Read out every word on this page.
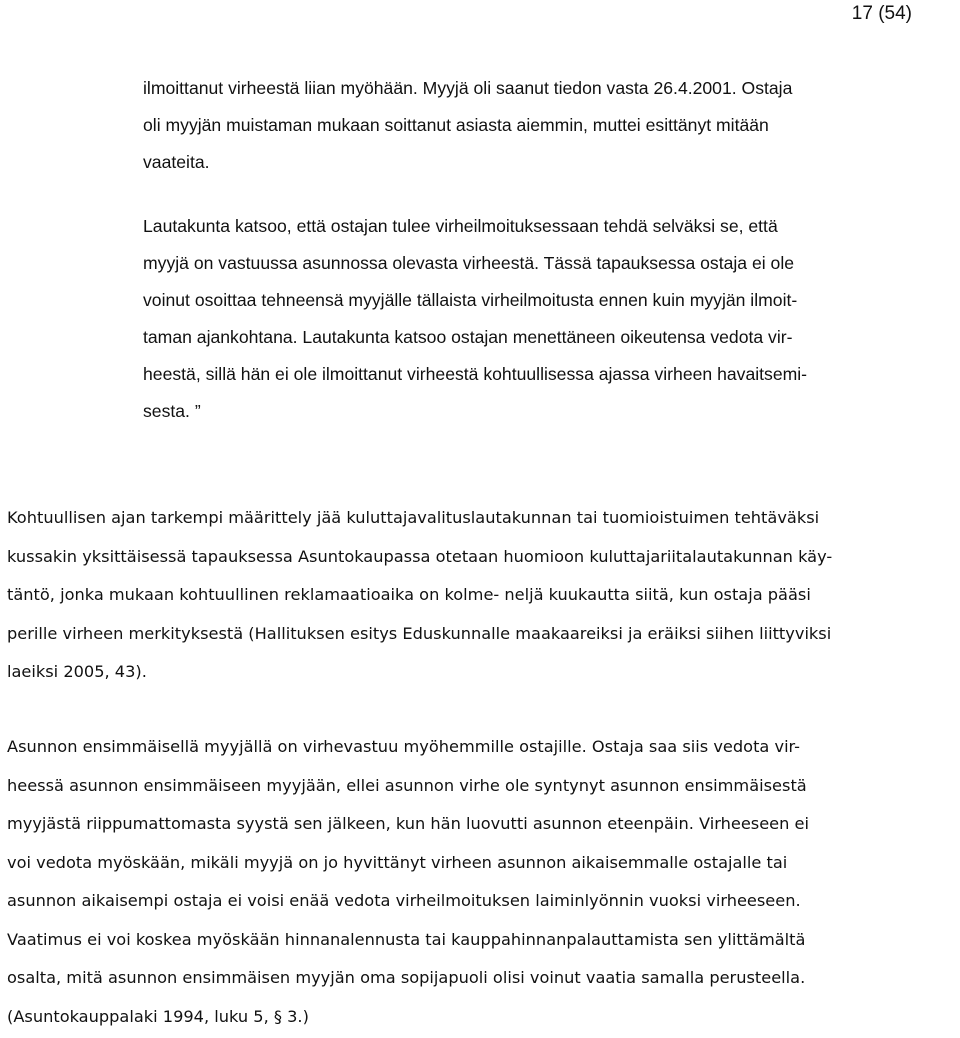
17 (54)

ilmoittanut virheestä liian myöhään. Myyjä oli saanut tiedon vasta 26.4.2001. Ostaja
oli myyjän muistaman mukaan soittanut asiasta aiemmin, muttei esittänyt mitään
vaateita.

Lautakunta katsoo, että ostajan tulee virheilmoituksessaan tehdä selväksi se, että
myyjä on vastuussa asunnossa olevasta virheestä. Tässä tapauksessa ostaja ei ole
voinut osoittaa tehneensä myyjälle tällaista virheilmoitusta ennen kuin myyjän ilmoit-
taman ajankohtana. Lautakunta katsoo ostajan menettäneen oikeutensa vedota vir-
heestä, sillä hän ei ole ilmoittanut virheestä kohtuullisessa ajassa virheen havaitsemi-
sesta. ”

Kohtuullisen ajan tarkempi määrittely jää kuluttajavalituslautakunnan tai tuomioistuimen tehtäväksi
kussakin yksittäisessä tapauksessa Asuntokaupassa otetaan huomioon kuluttajariitalautakunnan käy-
täntö, jonka mukaan kohtuullinen reklamaatioaika on kolme- neljä kuukautta siitä, kun ostaja pääsi
perille virheen merkityksestä (Hallituksen esitys Eduskunnalle maakaareiksi ja eräiksi siihen liittyviksi
laeiksi 2005, 43).

Asunnon ensimmäisellä myyjällä on virhevastuu myöhemmille ostajille. Ostaja saa siis vedota vir-
heessä asunnon ensimmäiseen myyjään, ellei asunnon virhe ole syntynyt asunnon ensimmäisestä
myyjästä riippumattomasta syystä sen jälkeen, kun hän luovutti asunnon eteenpäin. Virheeseen ei
voi vedota myöskään, mikäli myyjä on jo hyvittänyt virheen asunnon aikaisemmalle ostajalle tai
asunnon aikaisempi ostaja ei voisi enää vedota virheilmoituksen laiminlyönnin vuoksi virheeseen.
Vaatimus ei voi koskea myöskään hinnanalennusta tai kauppahinnanpalauttamista sen ylittämältä
osalta, mitä asunnon ensimmäisen myyjän oma sopijapuoli olisi voinut vaatia samalla perusteella.
(Asuntokauppalaki 1994, luku 5, § 3.)
